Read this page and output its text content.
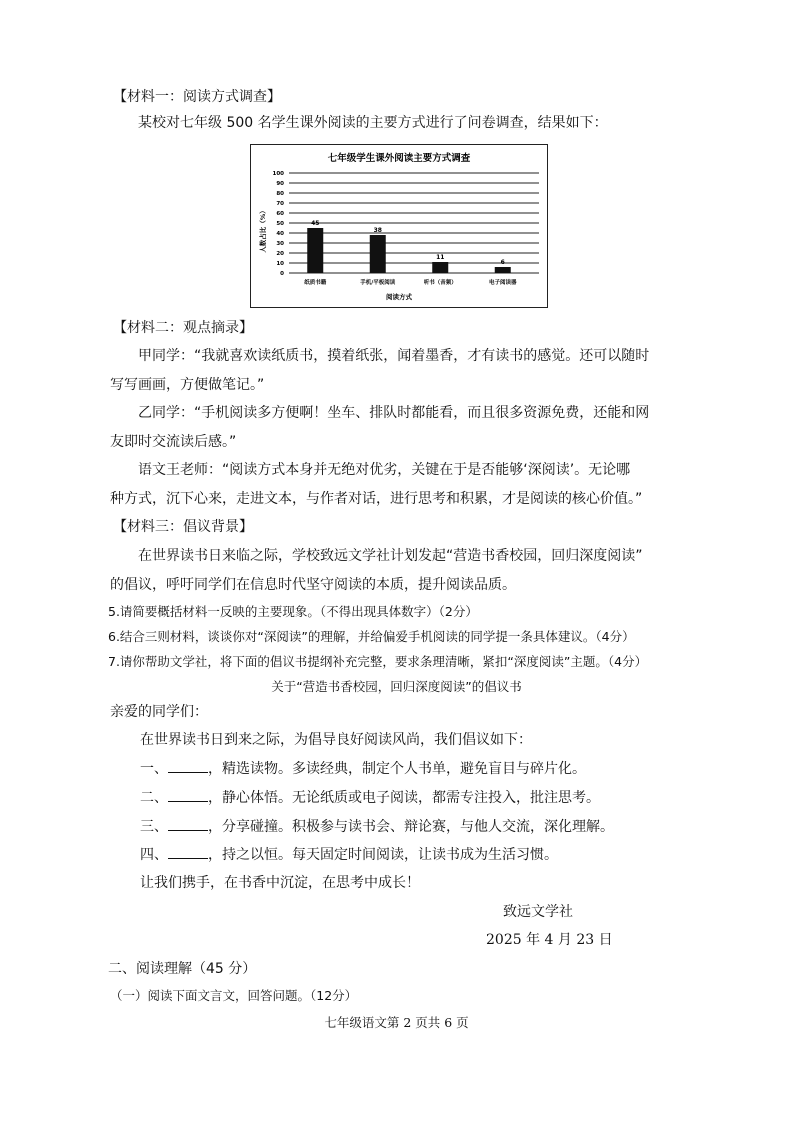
【材料一：阅读方式调查】
某校对七年级 500 名学生课外阅读的主要方式进行了问卷调查，结果如下：
七年级学生课外阅读主要方式调查
0
10
20
30
40
50
60
70
80
90
100
45
38
11
6
纸质书籍	手机/平板阅读	听书（音频）	电子阅读器
阅读方式
人数占比（%）
【材料二：观点摘录】
甲同学：“我就喜欢读纸质书，摸着纸张，闻着墨香，才有读书的感觉。还可以随时
写写画画，方便做笔记。”
乙同学：“手机阅读多方便啊！坐车、排队时都能看，而且很多资源免费，还能和网
友即时交流读后感。”
语文王老师：“阅读方式本身并无绝对优劣，关键在于是否能够‘深阅读’。无论哪
种方式，沉下心来，走进文本，与作者对话，进行思考和积累，才是阅读的核心价值。”
【材料三：倡议背景】
在世界读书日来临之际，学校致远文学社计划发起“营造书香校园，回归深度阅读”
的倡议，呼吁同学们在信息时代坚守阅读的本质，提升阅读品质。
5.请简要概括材料一反映的主要现象。（不得出现具体数字）（2分）
6.结合三则材料，谈谈你对“深阅读”的理解，并给偏爱手机阅读的同学提一条具体建议。（4分）
7.请你帮助文学社，将下面的倡议书提纲补充完整，要求条理清晰，紧扣“深度阅读”主题。（4分）
关于“营造书香校园，回归深度阅读”的倡议书
亲爱的同学们：
在世界读书日到来之际，为倡导良好阅读风尚，我们倡议如下：
一、	，精选读物。多读经典，制定个人书单，避免盲目与碎片化。
二、	，静心体悟。无论纸质或电子阅读，都需专注投入，批注思考。
三、	，分享碰撞。积极参与读书会、辩论赛，与他人交流，深化理解。
四、	，持之以恒。每天固定时间阅读，让读书成为生活习惯。
让我们携手，在书香中沉淀，在思考中成长！
致远文学社
2025 年 4 月 23 日
二、阅读理解（45 分）
（一）阅读下面文言文，回答问题。（12分）
七年级语文第 2 页共 6 页
